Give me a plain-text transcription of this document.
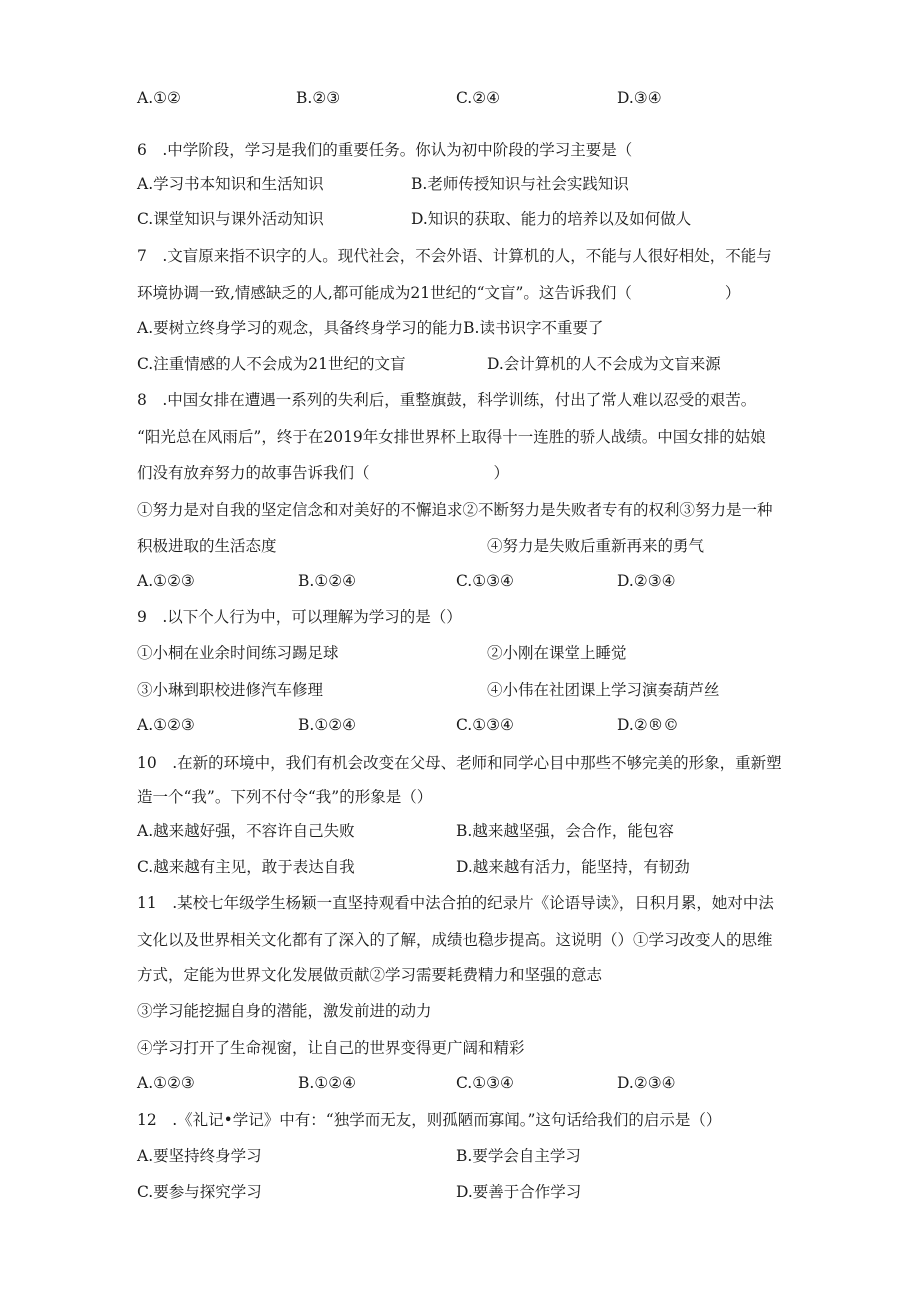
A.①②	B.②③	C.②④	D.③④
6　.中学阶段，学习是我们的重要任务。你认为初中阶段的学习主要是（
A.学习书本知识和生活知识	B.老师传授知识与社会实践知识
C.课堂知识与课外活动知识	D.知识的获取、能力的培养以及如何做人
7　.文盲原来指不识字的人。现代社会，不会外语、计算机的人，不能与人很好相处，不能与
环境协调一致,情感缺乏的人,都可能成为21世纪的“文盲”。这告诉我们（　　　　　　）
A.要树立终身学习的观念，具备终身学习的能力B.读书识字不重要了
C.注重情感的人不会成为21世纪的文盲	D.会计算机的人不会成为文盲来源
8　.中国女排在遭遇一系列的失利后，重整旗鼓，科学训练，付出了常人难以忍受的艰苦。
“阳光总在风雨后”，终于在2019年女排世界杯上取得十一连胜的骄人战绩。中国女排的姑娘
们没有放弃努力的故事告诉我们（　　　　　　　　）
①努力是对自我的坚定信念和对美好的不懈追求②不断努力是失败者专有的权利③努力是一种
积极进取的生活态度	④努力是失败后重新再来的勇气
A.①②③	B.①②④	C.①③④	D.②③④
9　.以下个人行为中，可以理解为学习的是（）
①小桐在业余时间练习踢足球	②小刚在课堂上睡觉
③小琳到职校进修汽车修理	④小伟在社团课上学习演奏葫芦丝
A.①②③	B.①②④	C.①③④	D.②®©
10　.在新的环境中，我们有机会改变在父母、老师和同学心目中那些不够完美的形象，重新塑
造一个“我”。下列不付令“我”的形象是（）
A.越来越好强，不容许自己失败	B.越来越坚强，会合作，能包容
C.越来越有主见，敢于表达自我	D.越来越有活力，能坚持，有韧劲
11　.某校七年级学生杨颖一直坚持观看中法合拍的纪录片《论语导读》，日积月累，她对中法
文化以及世界相关文化都有了深入的了解，成绩也稳步提高。这说明（）①学习改变人的思维
方式，定能为世界文化发展做贡献②学习需要耗费精力和坚强的意志
③学习能挖掘自身的潜能，激发前进的动力
④学习打开了生命视窗，让自己的世界变得更广阔和精彩
A.①②③	B.①②④	C.①③④	D.②③④
12　.《礼记•学记》中有：“独学而无友，则孤陋而寡闻。”这句话给我们的启示是（）
A.要坚持终身学习	B.要学会自主学习
C.要参与探究学习	D.要善于合作学习
